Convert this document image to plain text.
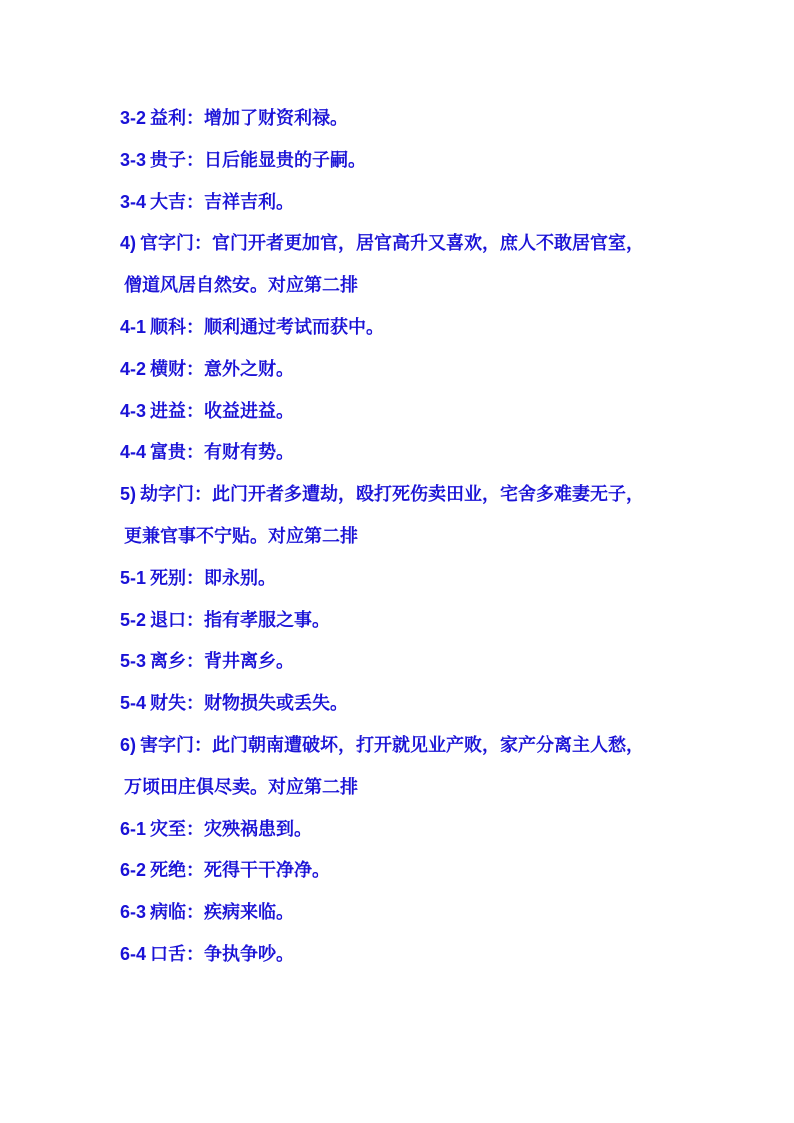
3-2 益利：增加了财资利禄。
3-3 贵子：日后能显贵的子嗣。
3-4 大吉：吉祥吉利。
4) 官字门：官门开者更加官，居官高升又喜欢，庶人不敢居官室，
僧道风居自然安。对应第二排
4-1 顺科：顺利通过考试而获中。
4-2 横财：意外之财。
4-3 进益：收益进益。
4-4 富贵：有财有势。
5) 劫字门：此门开者多遭劫，殴打死伤卖田业，宅舍多难妻无子，
更兼官事不宁贴。对应第二排
5-1 死别：即永别。
5-2 退口：指有孝服之事。
5-3 离乡：背井离乡。
5-4 财失：财物损失或丢失。
6) 害字门：此门朝南遭破坏，打开就见业产败，家产分离主人愁，
万顷田庄俱尽卖。对应第二排
6-1 灾至：灾殃祸患到。
6-2 死绝：死得干干净净。
6-3 病临：疾病来临。
6-4 口舌：争执争吵。
